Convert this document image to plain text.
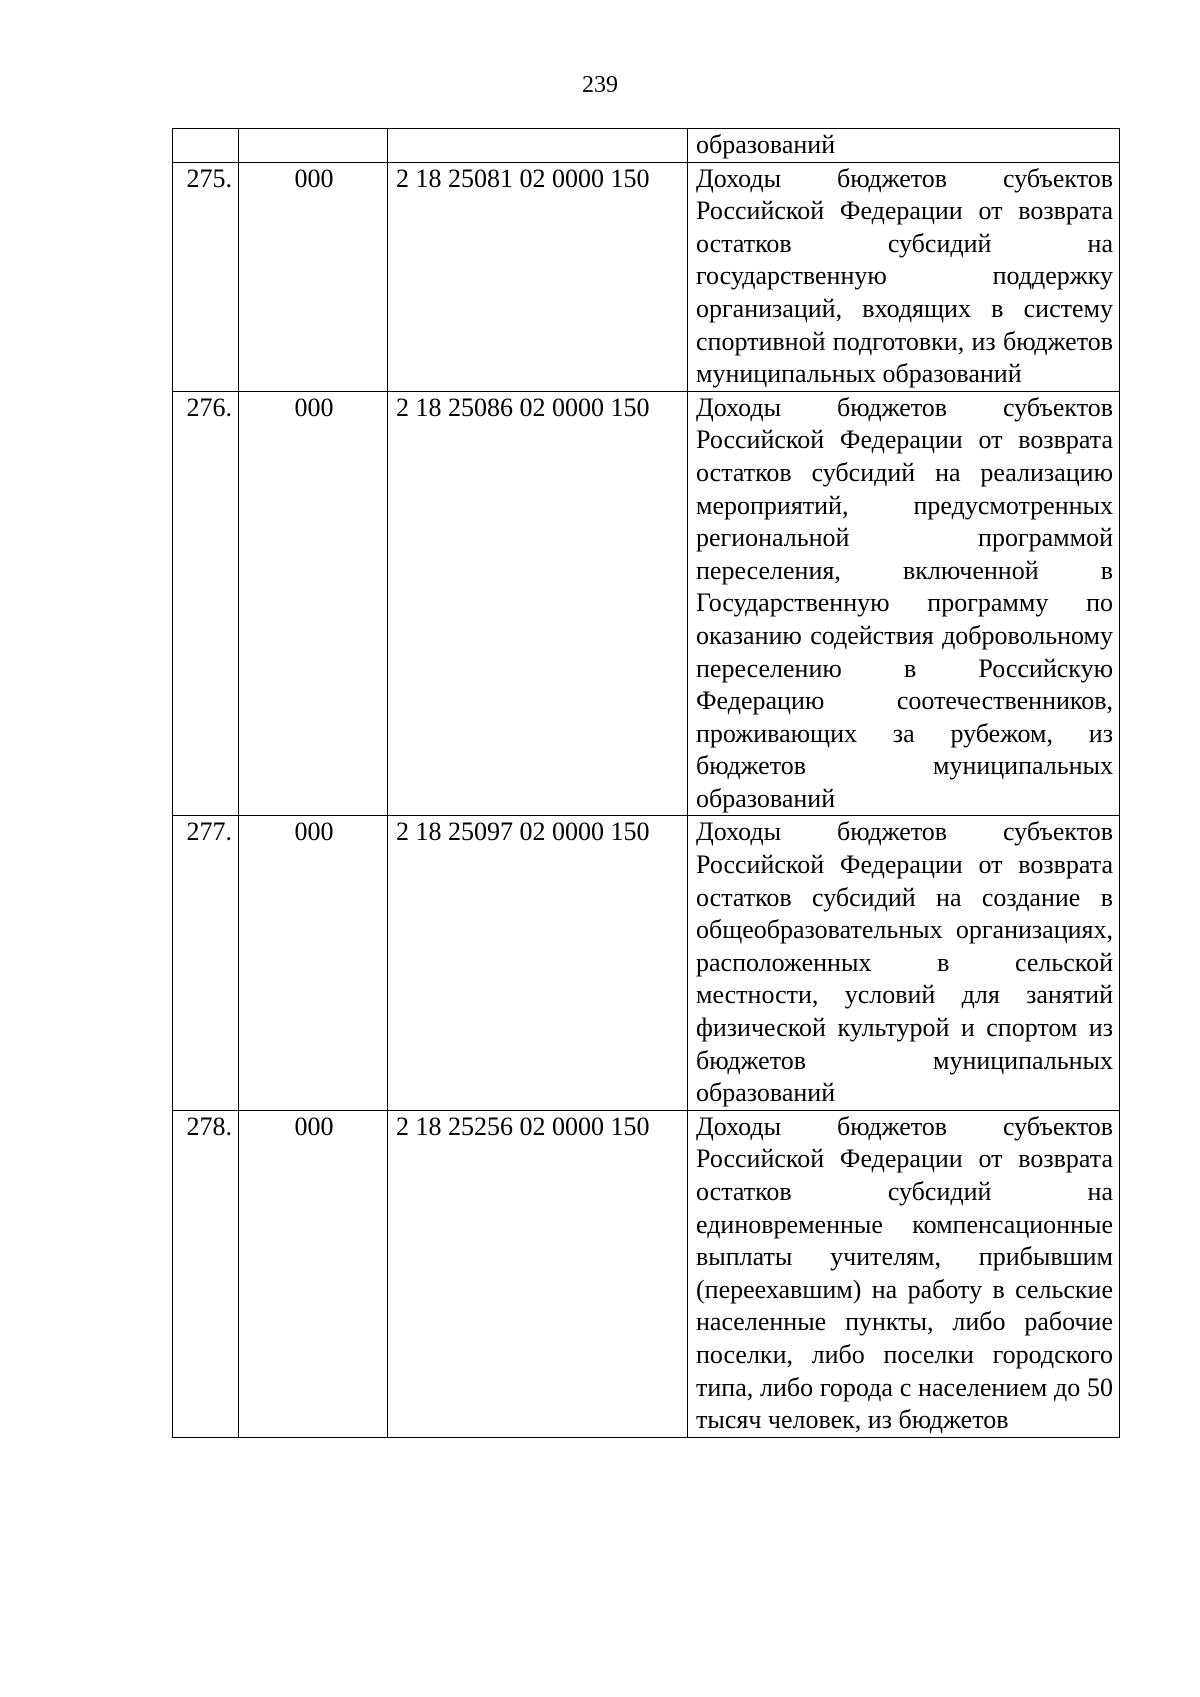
239
			образований
275.	000	2 18 25081 02 0000 150	Доходы бюджетов субъектов Российской Федерации от возврата остатков субсидий на государственную поддержку организаций, входящих в систему спортивной подготовки, из бюджетов муниципальных образований
276.	000	2 18 25086 02 0000 150	Доходы бюджетов субъектов Российской Федерации от возврата остатков субсидий на реализацию мероприятий, предусмотренных региональной программой переселения, включенной в Государственную программу по оказанию содействия добровольному переселению в Российскую Федерацию соотечественников, проживающих за рубежом, из бюджетов муниципальных образований
277.	000	2 18 25097 02 0000 150	Доходы бюджетов субъектов Российской Федерации от возврата остатков субсидий на создание в общеобразовательных организациях, расположенных в сельской местности, условий для занятий физической культурой и спортом из бюджетов муниципальных образований
278.	000	2 18 25256 02 0000 150	Доходы бюджетов субъектов Российской Федерации от возврата остатков субсидий на единовременные компенсационные выплаты учителям, прибывшим (переехавшим) на работу в сельские населенные пункты, либо рабочие поселки, либо поселки городского типа, либо города с населением до 50 тысяч человек, из бюджетов
